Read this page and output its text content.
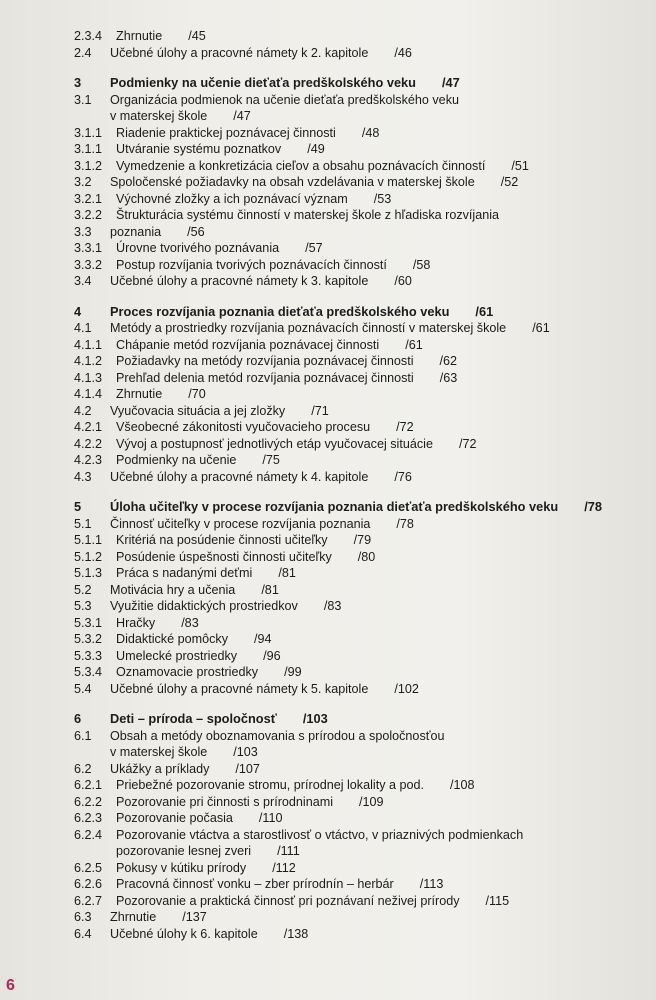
2.3.4 Zhrnutie /45
2.4 Učebné úlohy a pracovné námety k 2. kapitole /46
3 Podmienky na učenie dieťaťa predškolského veku /47
3.1 Organizácia podmienok na učenie dieťaťa predškolského veku
v materskej škole /47
3.1.1 Riadenie praktickej poznávacej činnosti /48
3.1.1 Utváranie systému poznatkov /49
3.1.2 Vymedzenie a konkretizácia cieľov a obsahu poznávacích činností /51
3.2 Spoločenské požiadavky na obsah vzdelávania v materskej škole /52
3.2.1 Výchovné zložky a ich poznávací význam /53
3.2.2 Štrukturácia systému činností v materskej škole z hľadiska rozvíjania
3.3 poznania /56
3.3.1 Úrovne tvorivého poznávania /57
3.3.2 Postup rozvíjania tvorivých poznávacích činností /58
3.4 Učebné úlohy a pracovné námety k 3. kapitole /60
4 Proces rozvíjania poznania dieťaťa predškolského veku /61
4.1 Metódy a prostriedky rozvíjania poznávacích činností v materskej škole /61
4.1.1 Chápanie metód rozvíjania poznávacej činnosti /61
4.1.2 Požiadavky na metódy rozvíjania poznávacej činnosti /62
4.1.3 Prehľad delenia metód rozvíjania poznávacej činnosti /63
4.1.4 Zhrnutie /70
4.2 Vyučovacia situácia a jej zložky /71
4.2.1 Všeobecné zákonitosti vyučovacieho procesu /72
4.2.2 Vývoj a postupnosť jednotlivých etáp vyučovacej situácie /72
4.2.3 Podmienky na učenie /75
4.3 Učebné úlohy a pracovné námety k 4. kapitole /76
5 Úloha učiteľky v procese rozvíjania poznania dieťaťa predškolského veku /78
5.1 Činnosť učiteľky v procese rozvíjania poznania /78
5.1.1 Kritériá na posúdenie činnosti učiteľky /79
5.1.2 Posúdenie úspešnosti činnosti učiteľky /80
5.1.3 Práca s nadanými deťmi /81
5.2 Motivácia hry a učenia /81
5.3 Využitie didaktických prostriedkov /83
5.3.1 Hračky /83
5.3.2 Didaktické pomôcky /94
5.3.3 Umelecké prostriedky /96
5.3.4 Oznamovacie prostriedky /99
5.4 Učebné úlohy a pracovné námety k 5. kapitole /102
6 Deti – príroda – spoločnosť /103
6.1 Obsah a metódy oboznamovania s prírodou a spoločnosťou
v materskej škole /103
6.2 Ukážky a príklady /107
6.2.1 Priebežné pozorovanie stromu, prírodnej lokality a pod. /108
6.2.2 Pozorovanie pri činnosti s prírodninami /109
6.2.3 Pozorovanie počasia /110
6.2.4 Pozorovanie vtáctva a starostlivosť o vtáctvo, v priaznivých podmienkach
pozorovanie lesnej zveri /111
6.2.5 Pokusy v kútiku prírody /112
6.2.6 Pracovná činnosť vonku – zber prírodnín – herbár /113
6.2.7 Pozorovanie a praktická činnosť pri poznávaní neživej prírody /115
6.3 Zhrnutie /137
6.4 Učebné úlohy k 6. kapitole /138
6
